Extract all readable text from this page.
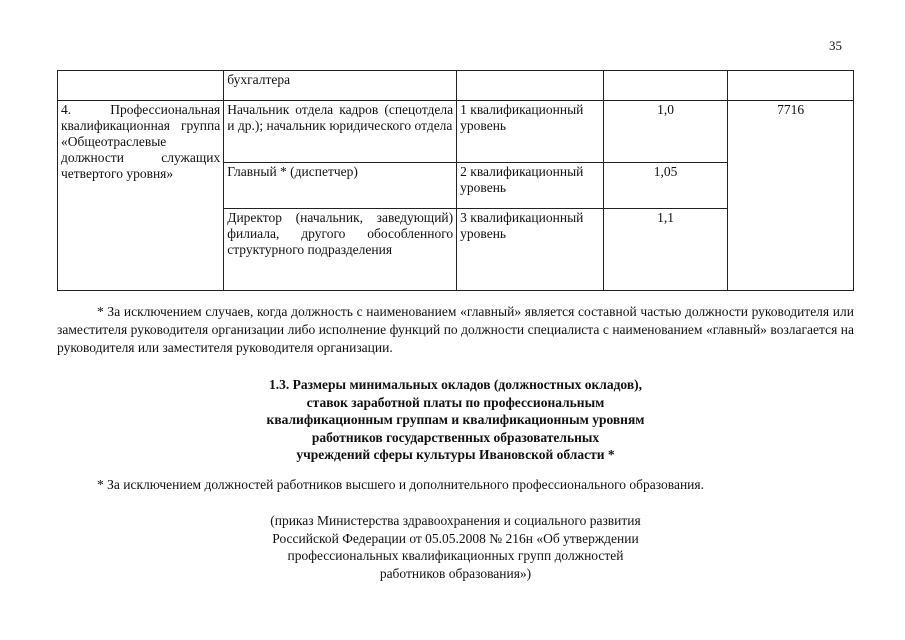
35
	бухгалтера			

4. Профессиональная
квалификационная группа «Общеотраслевые должности служащих четвертого уровня»	Начальник отдела кадров (спецотдела и др.); начальник юридического отдела	1 квалификационный уровень	1,0	7716
	Главный * (диспетчер)	2 квалификационный уровень	1,05	

	Директор (начальник, заведующий) филиала, другого обособленного структурного подразделения	3 квалификационный уровень	1,1	

* За исключением случаев, когда должность с наименованием «главный» является составной частью должности руководителя или заместителя руководителя организации либо исполнение функций по должности специалиста с наименованием «главный» возлагается на руководителя или заместителя руководителя организации.

1.3. Размеры минимальных окладов (должностных окладов),
ставок заработной платы по профессиональным
квалификационным группам и квалификационным уровням
работников государственных образовательных
учреждений сферы культуры Ивановской области *

* За исключением должностей работников высшего и дополнительного профессионального образования.

(приказ Министерства здравоохранения и социального развития
Российской Федерации от 05.05.2008 № 216н «Об утверждении
профессиональных квалификационных групп должностей
работников образования»)
